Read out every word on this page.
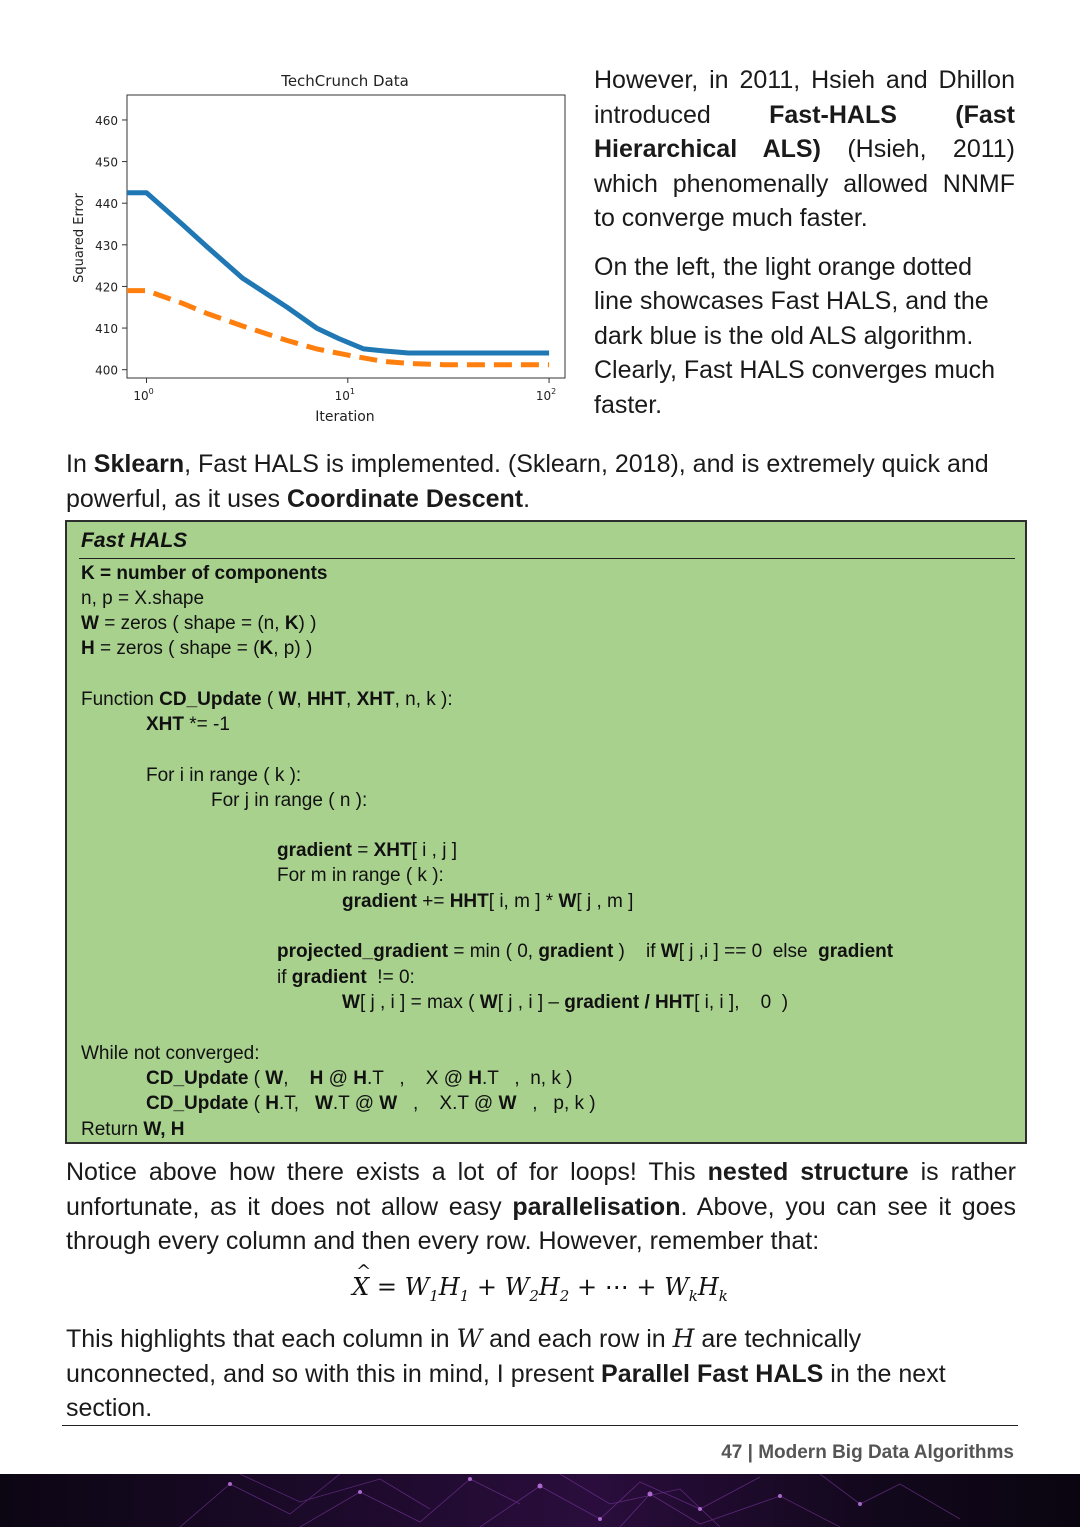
TechCrunch Data
400
410
420
430
440
450
460
$10^0$	$10^1$	$10^2$
Iteration
Squared Error

However, in 2011, Hsieh and Dhillon introduced Fast-HALS (Fast Hierarchical ALS) (Hsieh, 2011) which phenomenally allowed NNMF to converge much faster.

On the left, the light orange dotted line showcases Fast HALS, and the dark blue is the old ALS algorithm. Clearly, Fast HALS converges much faster.

In Sklearn, Fast HALS is implemented. (Sklearn, 2018), and is extremely quick and powerful, as it uses Coordinate Descent.

Fast HALS
K = number of components
n, p = X.shape
W = zeros ( shape = (n, K) )
H = zeros ( shape = (K, p) )
Function CD_Update ( W, HHT, XHT, n, k ):
XHT *= -1
For i in range ( k ):
For j in range ( n ):
gradient = XHT[ i , j ]
For m in range ( k ):
gradient += HHT[ i, m ] * W[ j , m ]
projected_gradient = min ( 0, gradient )    if W[ j ,i ] == 0  else  gradient
if gradient  != 0:
W[ j , i ] = max ( W[ j , i ] – gradient / HHT[ i, i ],    0  )
While not converged:
CD_Update ( W,    H @ H.T   ,    X @ H.T   ,  n, k )
CD_Update ( H.T,   W.T @ W   ,    X.T @ W   ,   p, k )
Return W, H

Notice above how there exists a lot of for loops! This nested structure is rather unfortunate, as it does not allow easy parallelisation. Above, you can see it goes through every column and then every row. However, remember that:

^ $X = W_1H_1 + W_2H_2$ + ⋯ + $W_kH_k$

This highlights that each column in W and each row in H are technically unconnected, and so with this in mind, I present Parallel Fast HALS in the next section.

47 | Modern Big Data Algorithms
